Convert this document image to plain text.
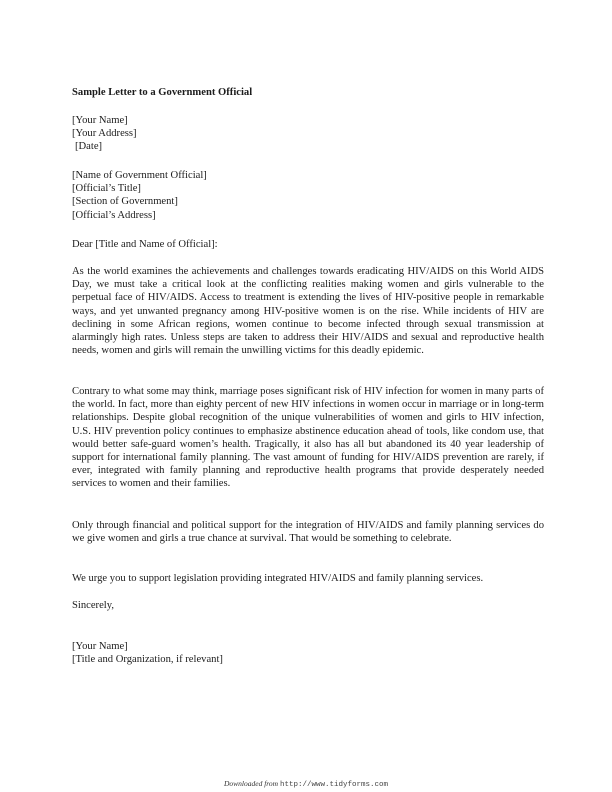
Sample Letter to a Government Official
[Your Name]
[Your Address]
[Date]
[Name of Government Official]
[Official’s Title]
[Section of Government]
[Official’s Address]
Dear [Title and Name of Official]:
As the world examines the achievements and challenges towards eradicating HIV/AIDS on this World AIDS Day, we must take a critical look at the conflicting realities making women and girls vulnerable to the perpetual face of HIV/AIDS. Access to treatment is extending the lives of HIV-positive people in remarkable ways, and yet unwanted pregnancy among HIV-positive women is on the rise. While incidents of HIV are declining in some African regions, women continue to become infected through sexual transmission at alarmingly high rates. Unless steps are taken to address their HIV/AIDS and sexual and reproductive health needs, women and girls will remain the unwilling victims for this deadly epidemic.
Contrary to what some may think, marriage poses significant risk of HIV infection for women in many parts of the world. In fact, more than eighty percent of new HIV infections in women occur in marriage or in long-term relationships. Despite global recognition of the unique vulnerabilities of women and girls to HIV infection, U.S. HIV prevention policy continues to emphasize abstinence education ahead of tools, like condom use, that would better safe-guard women’s health. Tragically, it also has all but abandoned its 40 year leadership of support for international family planning. The vast amount of funding for HIV/AIDS prevention are rarely, if ever, integrated with family planning and reproductive health programs that provide desperately needed services to women and their families.
Only through financial and political support for the integration of HIV/AIDS and family planning services do we give women and girls a true chance at survival. That would be something to celebrate.
We urge you to support legislation providing integrated HIV/AIDS and family planning services.
Sincerely,
[Your Name]
[Title and Organization, if relevant]
Downloaded from http://www.tidyforms.com
